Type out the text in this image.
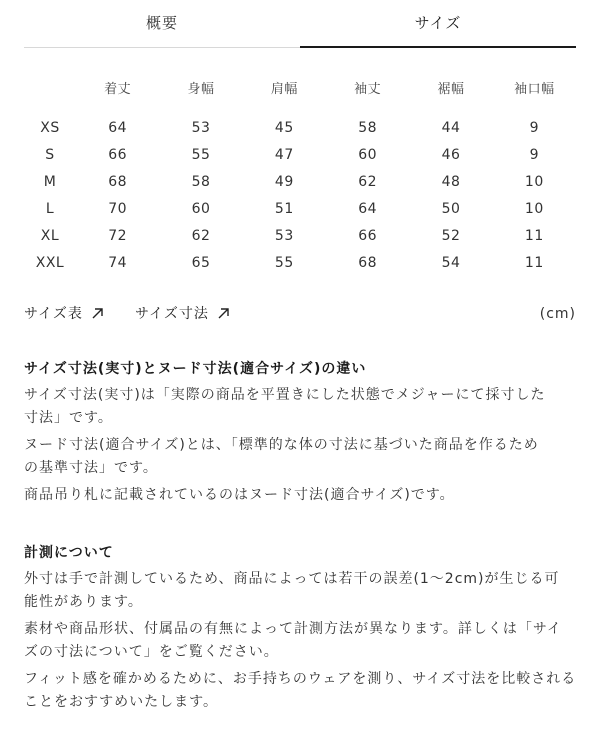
概要	サイズ
	着丈	身幅	肩幅	袖丈	裾幅	袖口幅
XS	64	53	45	58	44	9
S	66	55	47	60	46	9
M	68	58	49	62	48	10
L	70	60	51	64	50	10
XL	72	62	53	66	52	11
XXL	74	65	55	68	54	11
サイズ表	サイズ寸法	(cm)
サイズ寸法(実寸)とヌード寸法(適合サイズ)の違い

サイズ寸法(実寸)は「実際の商品を平置きにした状態でメジャーにて採寸した

寸法」です。

ヌード寸法(適合サイズ)とは、「標準的な体の寸法に基づいた商品を作るため

の基準寸法」です。

商品吊り札に記載されているのはヌード寸法(適合サイズ)です。

計測について

外寸は手で計測しているため、商品によっては若干の誤差(1〜2cm)が生じる可

能性があります。

素材や商品形状、付属品の有無によって計測方法が異なります。詳しくは「サイ

ズの寸法について」をご覧ください。

フィット感を確かめるために、お手持ちのウェアを測り、サイズ寸法を比較される

ことをおすすめいたします。
